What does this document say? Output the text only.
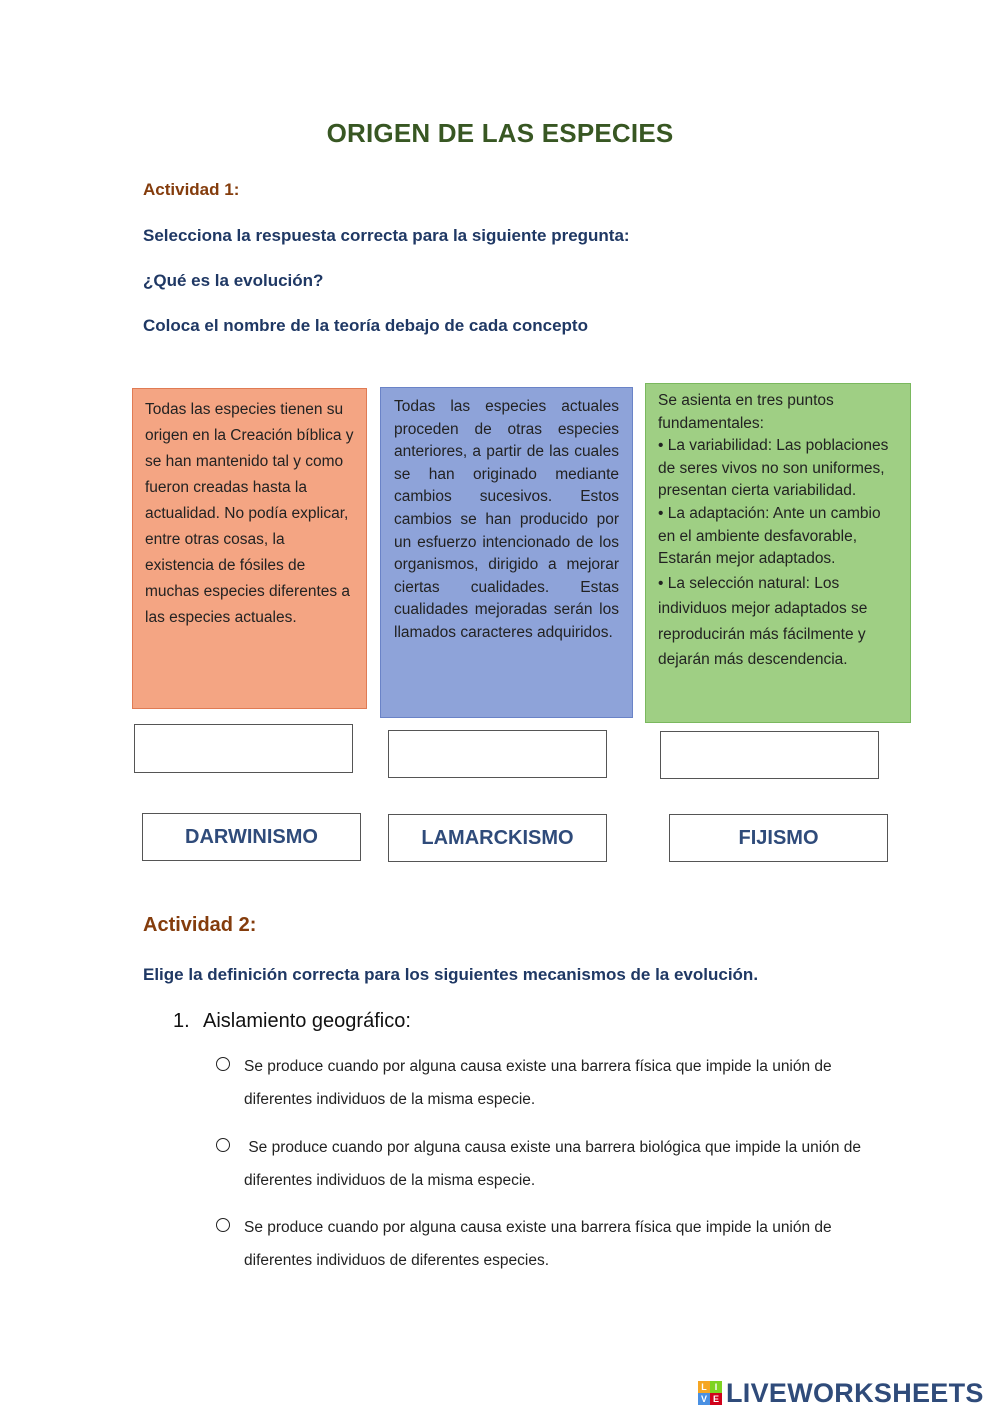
ORIGEN DE LAS ESPECIES
Actividad 1:
Selecciona la respuesta correcta para la siguiente pregunta:
¿Qué es la evolución?
Coloca el nombre de la teoría debajo de cada concepto
Todas las especies tienen su origen en la Creación bíblica y se han mantenido tal y como fueron creadas hasta la actualidad. No podía explicar, entre otras cosas, la existencia de fósiles de muchas especies diferentes a las especies actuales.
Todas las especies actuales proceden de otras especies anteriores, a partir de las cuales se han originado mediante cambios sucesivos. Estos cambios se han producido por un esfuerzo intencionado de los organismos, dirigido a mejorar ciertas cualidades. Estas cualidades mejoradas serán los llamados caracteres adquiridos.

Se asienta en tres puntos fundamentales:

• La variabilidad: Las poblaciones de seres vivos no son uniformes, presentan cierta variabilidad.

• La adaptación: Ante un cambio en el ambiente desfavorable, Estarán mejor adaptados.

• La selección natural: Los individuos mejor adaptados se reproducirán más fácilmente y dejarán más descendencia.

DARWINISMO	LAMARCKISMO	FIJISMO
Actividad 2:
Elige la definición correcta para los siguientes mecanismos de la evolución.
1. Aislamiento geográfico:
Se produce cuando por alguna causa existe una barrera física que impide la unión de diferentes individuos de la misma especie.
Se produce cuando por alguna causa existe una barrera biológica que impide la unión de diferentes individuos de la misma especie.
Se produce cuando por alguna causa existe una barrera física que impide la unión de diferentes individuos de diferentes especies.
L I
V E LIVEWORKSHEETS
